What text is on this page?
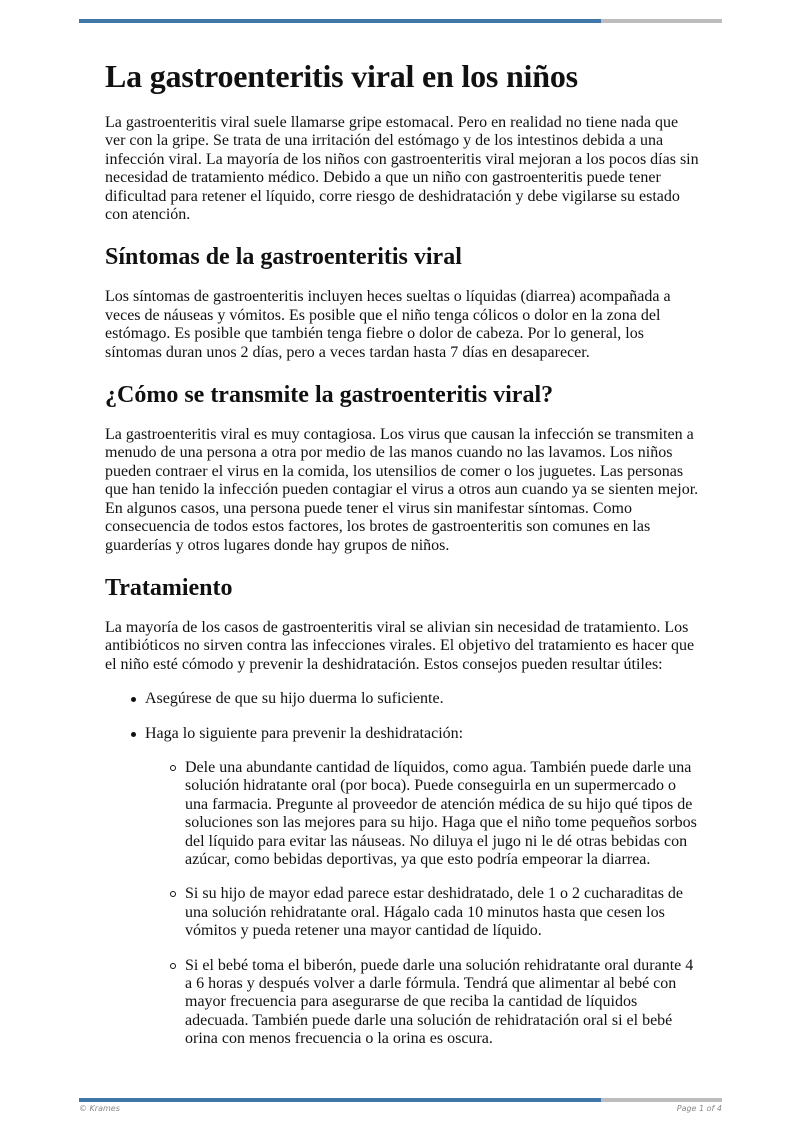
La gastroenteritis viral en los niños

La gastroenteritis viral suele llamarse gripe estomacal. Pero en realidad no tiene nada que ver con la gripe. Se trata de una irritación del estómago y de los intestinos debida a una infección viral. La mayoría de los niños con gastroenteritis viral mejoran a los pocos días sin necesidad de tratamiento médico. Debido a que un niño con gastroenteritis puede tener dificultad para retener el líquido, corre riesgo de deshidratación y debe vigilarse su estado con atención.

Síntomas de la gastroenteritis viral

Los síntomas de gastroenteritis incluyen heces sueltas o líquidas (diarrea) acompañada a veces de náuseas y vómitos. Es posible que el niño tenga cólicos o dolor en la zona del estómago. Es posible que también tenga fiebre o dolor de cabeza. Por lo general, los síntomas duran unos 2 días, pero a veces tardan hasta 7 días en desaparecer.

¿Cómo se transmite la gastroenteritis viral?

La gastroenteritis viral es muy contagiosa. Los virus que causan la infección se transmiten a menudo de una persona a otra por medio de las manos cuando no las lavamos. Los niños pueden contraer el virus en la comida, los utensilios de comer o los juguetes. Las personas que han tenido la infección pueden contagiar el virus a otros aun cuando ya se sienten mejor. En algunos casos, una persona puede tener el virus sin manifestar síntomas. Como consecuencia de todos estos factores, los brotes de gastroenteritis son comunes en las guarderías y otros lugares donde hay grupos de niños.

Tratamiento

La mayoría de los casos de gastroenteritis viral se alivian sin necesidad de tratamiento. Los antibióticos no sirven contra las infecciones virales. El objetivo del tratamiento es hacer que el niño esté cómodo y prevenir la deshidratación. Estos consejos pueden resultar útiles:

Asegúrese de que su hijo duerma lo suficiente.
Haga lo siguiente para prevenir la deshidratación:
Dele una abundante cantidad de líquidos, como agua. También puede darle una solución hidratante oral (por boca). Puede conseguirla en un supermercado o una farmacia. Pregunte al proveedor de atención médica de su hijo qué tipos de soluciones son las mejores para su hijo. Haga que el niño tome pequeños sorbos del líquido para evitar las náuseas. No diluya el jugo ni le dé otras bebidas con azúcar, como bebidas deportivas, ya que esto podría empeorar la diarrea.
Si su hijo de mayor edad parece estar deshidratado, dele 1 o 2 cucharaditas de una solución rehidratante oral. Hágalo cada 10 minutos hasta que cesen los vómitos y pueda retener una mayor cantidad de líquido.
Si el bebé toma el biberón, puede darle una solución rehidratante oral durante 4 a 6 horas y después volver a darle fórmula. Tendrá que alimentar al bebé con mayor frecuencia para asegurarse de que reciba la cantidad de líquidos adecuada. También puede darle una solución de rehidratación oral si el bebé orina con menos frecuencia o la orina es oscura.
© Krames	Page 1 of 4
